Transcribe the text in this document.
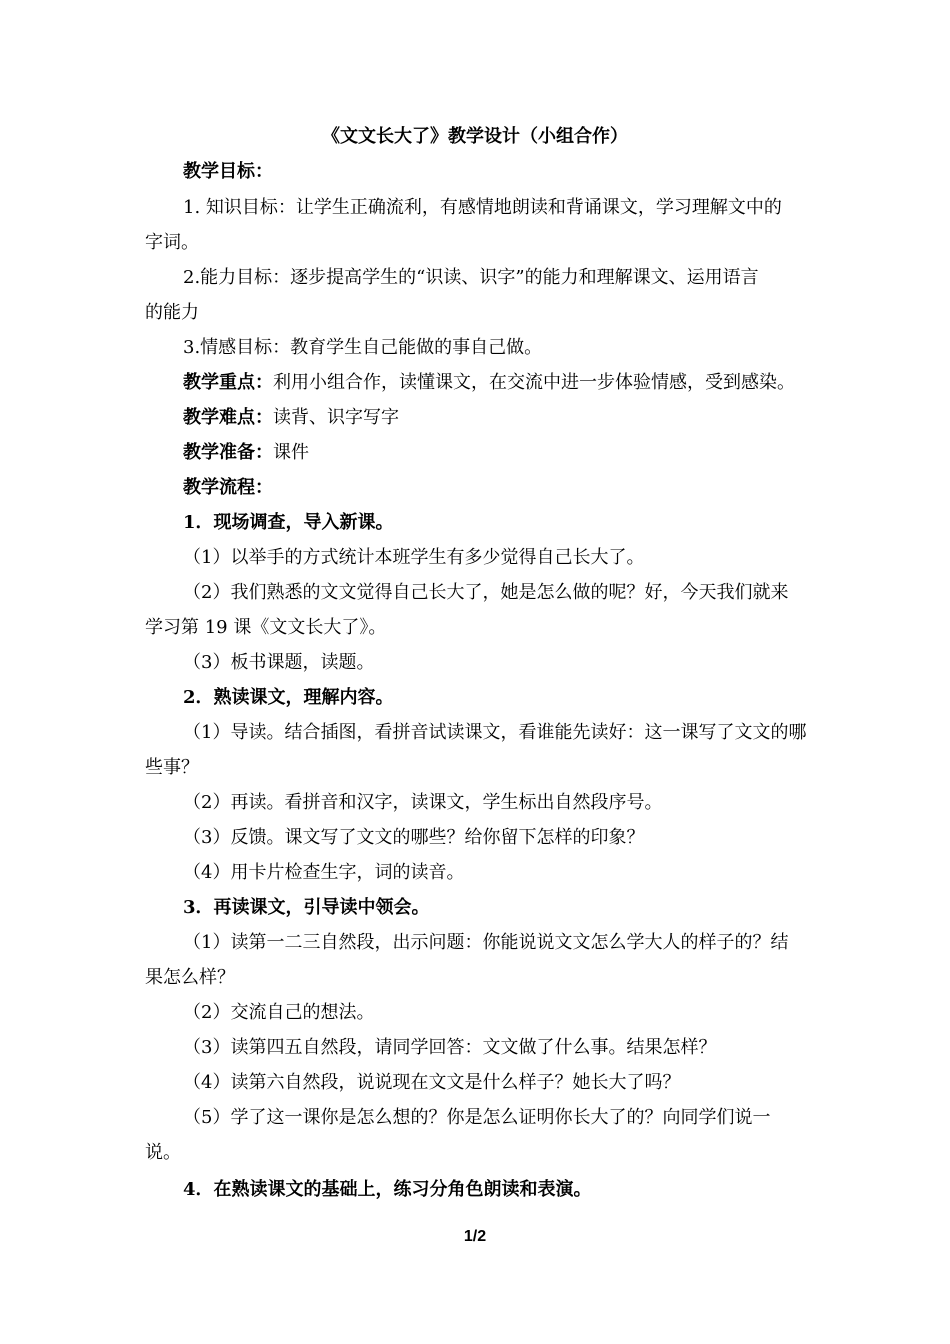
《文文长大了》教学设计（小组合作）
教学目标：
1. 知识目标：让学生正确流利，有感情地朗读和背诵课文，学习理解文中的
字词。
2.能力目标：逐步提高学生的“识读、识字”的能力和理解课文、运用语言
的能力
3.情感目标：教育学生自己能做的事自己做。
教学重点：利用小组合作，读懂课文，在交流中进一步体验情感，受到感染。
教学难点：读背、识字写字
教学准备：课件
教学流程：
1．现场调查，导入新课。
（1）以举手的方式统计本班学生有多少觉得自己长大了。
（2）我们熟悉的文文觉得自己长大了，她是怎么做的呢？好，今天我们就来
学习第 19 课《文文长大了》。
（3）板书课题，读题。
2．熟读课文，理解内容。
（1）导读。结合插图，看拼音试读课文，看谁能先读好：这一课写了文文的哪
些事？
（2）再读。看拼音和汉字，读课文，学生标出自然段序号。
（3）反馈。课文写了文文的哪些？给你留下怎样的印象？
（4）用卡片检查生字，词的读音。
3．再读课文，引导读中领会。
（1）读第一二三自然段，出示问题：你能说说文文怎么学大人的样子的？结
果怎么样？
（2）交流自己的想法。
（3）读第四五自然段，请同学回答：文文做了什么事。结果怎样？
（4）读第六自然段，说说现在文文是什么样子？她长大了吗？
（5）学了这一课你是怎么想的？你是怎么证明你长大了的？向同学们说一
说。
4．在熟读课文的基础上，练习分角色朗读和表演。
1/2
